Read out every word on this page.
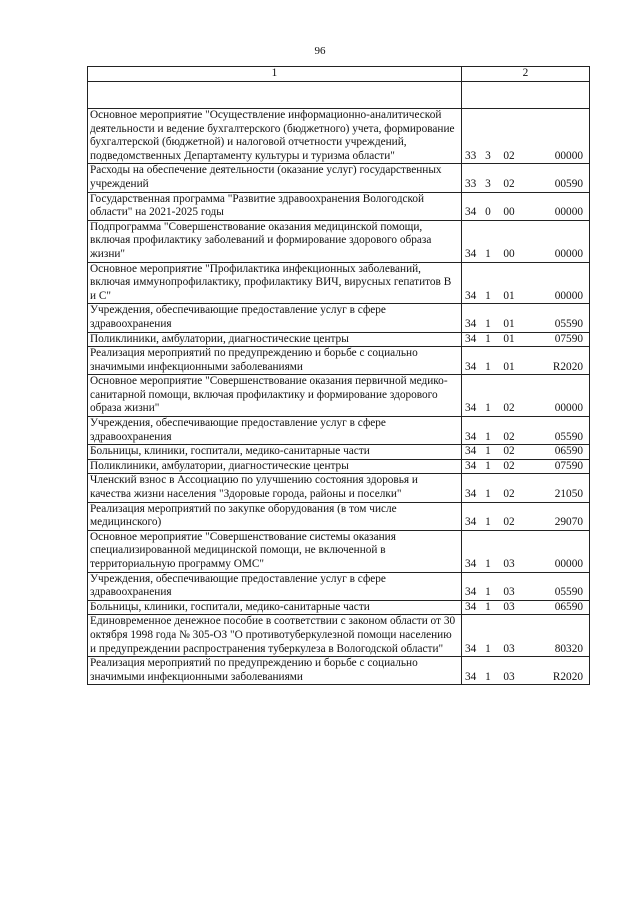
96
1	2

Основное мероприятие "Осуществление информационно-аналитической деятельности и ведение бухгалтерского (бюджетного) учета, формирование бухгалтерской (бюджетной) и налоговой отчетности учреждений, подведомственных Департаменту культуры и туризма области"	33 3 02 00000
Расходы на обеспечение деятельности (оказание услуг) государственных учреждений	33 3 02 00590
Государственная программа "Развитие здравоохранения Вологодской области" на 2021-2025 годы	34 0 00 00000
Подпрограмма "Совершенствование оказания медицинской помощи, включая профилактику заболеваний и формирование здорового образа жизни"	34 1 00 00000
Основное мероприятие "Профилактика инфекционных заболеваний, включая иммунопрофилактику, профилактику ВИЧ, вирусных гепатитов В и С"	34 1 01 00000
Учреждения, обеспечивающие предоставление услуг в сфере здравоохранения	34 1 01 05590
Поликлиники, амбулатории, диагностические центры	34 1 01 07590
Реализация мероприятий по предупреждению и борьбе с социально значимыми инфекционными заболеваниями	34 1 01 R2020
Основное мероприятие "Совершенствование оказания первичной медико-санитарной помощи, включая профилактику и формирование здорового образа жизни"	34 1 02 00000
Учреждения, обеспечивающие предоставление услуг в сфере здравоохранения	34 1 02 05590
Больницы, клиники, госпитали, медико-санитарные части	34 1 02 06590
Поликлиники, амбулатории, диагностические центры	34 1 02 07590
Членский взнос в Ассоциацию по улучшению состояния здоровья и качества жизни населения "Здоровые города, районы и поселки"	34 1 02 21050
Реализация мероприятий по закупке оборудования (в том числе медицинского)	34 1 02 29070
Основное мероприятие "Совершенствование системы оказания специализированной медицинской помощи, не включенной в территориальную программу ОМС"	34 1 03 00000
Учреждения, обеспечивающие предоставление услуг в сфере здравоохранения	34 1 03 05590
Больницы, клиники, госпитали, медико-санитарные части	34 1 03 06590
Единовременное денежное пособие в соответствии с законом области от 30 октября 1998 года № 305-ОЗ "О противотуберкулезной помощи населению и предупреждении распространения туберкулеза в Вологодской области"	34 1 03 80320
Реализация мероприятий по предупреждению и борьбе с социально значимыми инфекционными заболеваниями	34 1 03 R2020
